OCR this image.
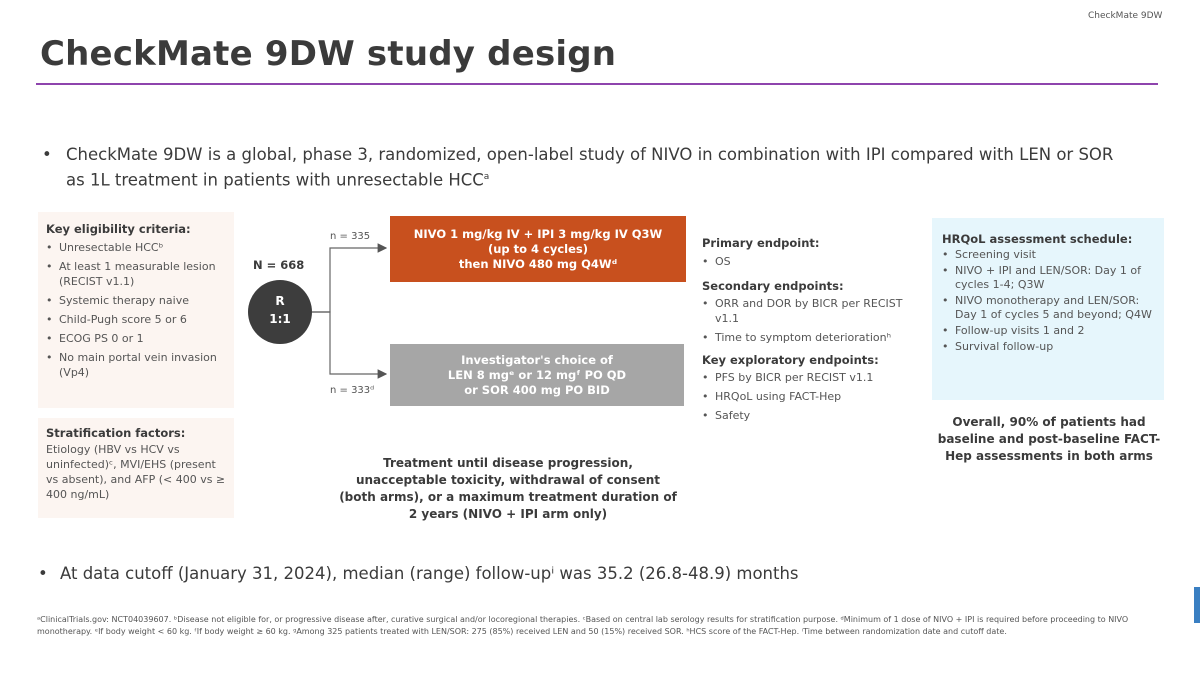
CheckMate 9DW
CheckMate 9DW study design
• CheckMate 9DW is a global, phase 3, randomized, open-label study of NIVO in combination with IPI compared with LEN or SOR as 1L treatment in patients with unresectable HCC$^a$
Key eligibility criteria:
• Unresectable HCCᵇ
• At least 1 measurable lesion (RECIST v1.1)
• Systemic therapy naive
• Child-Pugh score 5 or 6
• ECOG PS 0 or 1
• No main portal vein invasion (Vp4)
Stratification factors:
Etiology (HBV vs HCV vs uninfected)ᶜ, MVI/EHS (present vs absent), and AFP (< 400 vs ≥ 400 ng/mL)
N = 668
R
1:1
n = 335
n = 333ᵈ
NIVO 1 mg/kg IV + IPI 3 mg/kg IV Q3W
(up to 4 cycles)
then NIVO 480 mg Q4Wᵈ
Investigator's choice of
LEN 8 mgᵉ or 12 mgᶠ PO QD
or SOR 400 mg PO BID
Treatment until disease progression, unacceptable toxicity, withdrawal of consent (both arms), or a maximum treatment duration of 2 years (NIVO + IPI arm only)
Primary endpoint:
• OS
Secondary endpoints:
• ORR and DOR by BICR per RECIST v1.1
• Time to symptom deteriorationʰ
Key exploratory endpoints:
• PFS by BICR per RECIST v1.1
• HRQoL using FACT-Hep
• Safety
HRQoL assessment schedule:
• Screening visit
• NIVO + IPI and LEN/SOR: Day 1 of cycles 1-4; Q3W
• NIVO monotherapy and LEN/SOR: Day 1 of cycles 5 and beyond; Q4W
• Follow-up visits 1 and 2
• Survival follow-up
Overall, 90% of patients had baseline and post-baseline FACT-Hep assessments in both arms
• At data cutoff (January 31, 2024), median (range) follow-upⁱ was 35.2 (26.8-48.9) months
ᵃClinicalTrials.gov: NCT04039607. ᵇDisease not eligible for, or progressive disease after, curative surgical and/or locoregional therapies. ᶜBased on central lab serology results for stratification purpose. ᵈMinimum of 1 dose of NIVO + IPI is required before proceeding to NIVO monotherapy. ᵉIf body weight < 60 kg. ᶠIf body weight ≥ 60 kg. ᵍAmong 325 patients treated with LEN/SOR: 275 (85%) received LEN and 50 (15%) received SOR. ʰHCS score of the FACT-Hep. ⁱTime between randomization date and cutoff date.
